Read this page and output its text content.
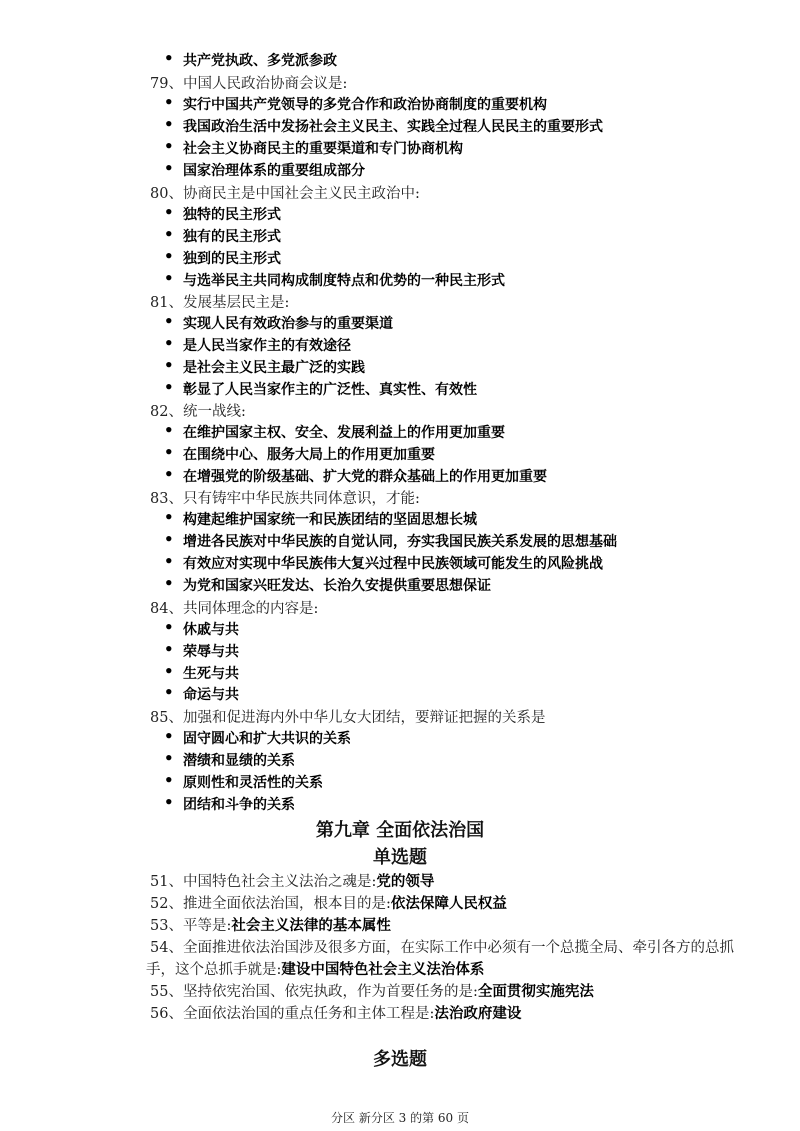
• 共产党执政、多党派参政
79、中国人民政治协商会议是:
• 实行中国共产党领导的多党合作和政治协商制度的重要机构
• 我国政治生活中发扬社会主义民主、实践全过程人民民主的重要形式
• 社会主义协商民主的重要渠道和专门协商机构
• 国家治理体系的重要组成部分
80、协商民主是中国社会主义民主政治中:
• 独特的民主形式
• 独有的民主形式
• 独到的民主形式
• 与选举民主共同构成制度特点和优势的一种民主形式
81、发展基层民主是:
• 实现人民有效政治参与的重要渠道
• 是人民当家作主的有效途径
• 是社会主义民主最广泛的实践
• 彰显了人民当家作主的广泛性、真实性、有效性
82、统一战线:
• 在维护国家主权、安全、发展利益上的作用更加重要
• 在围绕中心、服务大局上的作用更加重要
• 在增强党的阶级基础、扩大党的群众基础上的作用更加重要
83、只有铸牢中华民族共同体意识，才能:
• 构建起维护国家统一和民族团结的坚固思想长城
• 增进各民族对中华民族的自觉认同，夯实我国民族关系发展的思想基础
• 有效应对实现中华民族伟大复兴过程中民族领域可能发生的风险挑战
• 为党和国家兴旺发达、长治久安提供重要思想保证
84、共同体理念的内容是:
• 休戚与共
• 荣辱与共
• 生死与共
• 命运与共
85、加强和促进海内外中华儿女大团结，要辩证把握的关系是
• 固守圆心和扩大共识的关系
• 潜绩和显绩的关系
• 原则性和灵活性的关系
• 团结和斗争的关系
第九章 全面依法治国
单选题
51、中国特色社会主义法治之魂是:党的领导
52、推进全面依法治国，根本目的是:依法保障人民权益
53、平等是:社会主义法律的基本属性
54、全面推进依法治国涉及很多方面，在实际工作中必须有一个总揽全局、牵引各方的总抓
手，这个总抓手就是:建设中国特色社会主义法治体系
55、坚持依宪治国、依宪执政，作为首要任务的是:全面贯彻实施宪法
56、全面依法治国的重点任务和主体工程是:法治政府建设
多选题
分区 新分区 3 的第 60 页
